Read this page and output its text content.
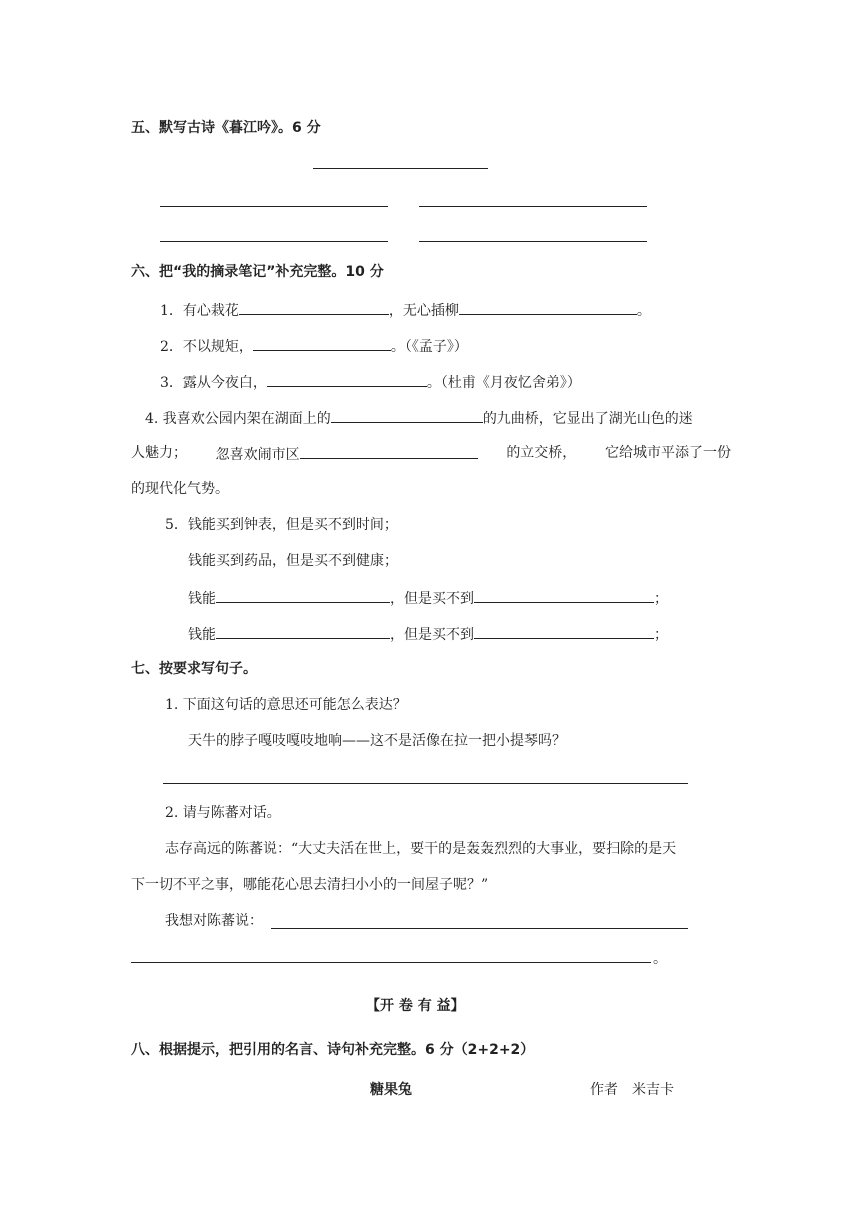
五、默写古诗《暮江吟》。6 分
六、把“我的摘录笔记”补充完整。10 分
1．有心栽花	，无心插柳	。
2．不以规矩，	。（《孟子》）
3．露从今夜白，	。（杜甫《月夜忆舍弟》）
4. 我喜欢公园内架在湖面上的	的九曲桥，它显出了湖光山色的迷
人魅力； 忽喜欢闹市区	的立交桥， 它给城市平添了一份
的现代化气势。
5．钱能买到钟表，但是买不到时间；
钱能买到药品，但是买不到健康；
钱能	，但是买不到	；
钱能	，但是买不到	；
七、按要求写句子。
1. 下面这句话的意思还可能怎么表达？
天牛的脖子嘎吱嘎吱地响——这不是活像在拉一把小提琴吗？
2. 请与陈蕃对话。
志存高远的陈蕃说：“大丈夫活在世上，要干的是轰轰烈烈的大事业，要扫除的是天
下一切不平之事，哪能花心思去清扫小小的一间屋子呢？”
我想对陈蕃说：
。
【开 卷 有 益】
八、根据提示，把引用的名言、诗句补充完整。6 分（2+2+2）
糖果兔	作者　米吉卡
